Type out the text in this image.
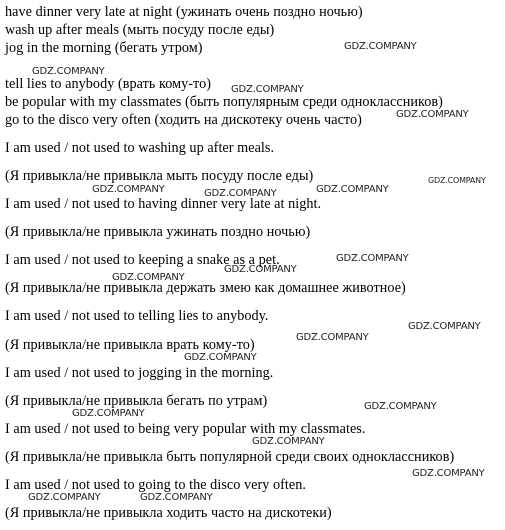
have dinner very late at night (ужинать очень поздно ночью)
wash up after meals (мыть посуду после еды)
jog in the morning (бегать утром)
tell lies to anybody (врать кому-то)
be popular with my classmates (быть популярным среди одноклассников)
go to the disco very often (ходить на дискотеку очень часто)
I am used / not used to washing up after meals.
(Я привыкла/не привыкла мыть посуду после еды)
I am used / not used to having dinner very late at night.
(Я привыкла/не привыкла ужинать поздно ночью)
I am used / not used to keeping a snake as a pet.
(Я привыкла/не привыкла держать змею как домашнее животное)
I am used / not used to telling lies to anybody.
(Я привыкла/не привыкла врать кому-то)
I am used / not used to jogging in the morning.
(Я привыкла/не привыкла бегать по утрам)
I am used / not used to being very popular with my classmates.
(Я привыкла/не привыкла быть популярной среди своих одноклассников)
I am used / not used to going to the disco very often.
(Я привыкла/не привыкла ходить часто на дискотеки)
GDZ.COMPANY
GDZ.COMPANY
GDZ.COMPANY
GDZ.COMPANY
GDZ.COMPANY
GDZ.COMPANY	GDZ.COMPANY	GDZ.COMPANY
GDZ.COMPANY
GDZ.COMPANY
GDZ.COMPANY
GDZ.COMPANY
GDZ.COMPANY
GDZ.COMPANY
GDZ.COMPANY
GDZ.COMPANY
GDZ.COMPANY
GDZ.COMPANY
GDZ.COMPANY	GDZ.COMPANY
